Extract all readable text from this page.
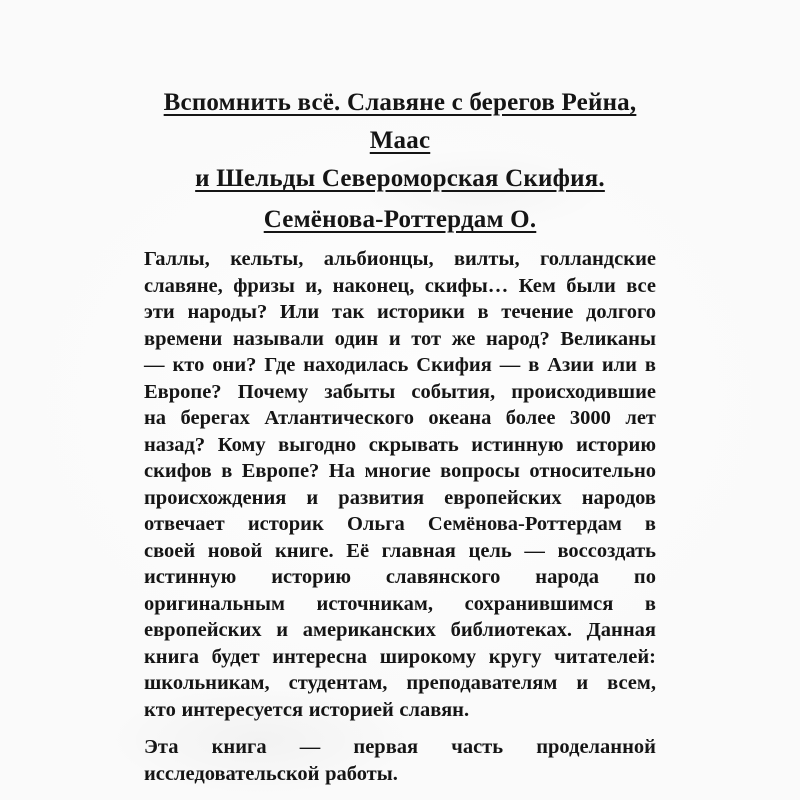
Вспомнить всё. Славяне с берегов Рейна, Маас
и Шельды Североморская Скифия.
Семёнова-Роттердам О.
Галлы, кельты, альбионцы, вилты, голландские
славяне, фризы и, наконец, скифы… Кем были все
эти народы? Или так историки в течение долгого
времени называли один и тот же народ? Великаны
— кто они? Где находилась Скифия — в Азии или в
Европе? Почему забыты события, происходившие
на берегах Атлантического океана более 3000 лет
назад? Кому выгодно скрывать истинную историю
скифов в Европе? На многие вопросы относительно
происхождения и развития европейских народов
отвечает историк Ольга Семёнова-Роттердам в
своей новой книге. Её главная цель — воссоздать
истинную историю славянского народа по
оригинальным источникам, сохранившимся в
европейских и американских библиотеках. Данная
книга будет интересна широкому кругу читателей:
школьникам, студентам, преподавателям и всем,
кто интересуется историей славян.
Эта книга — первая часть проделанной
исследовательской работы.
